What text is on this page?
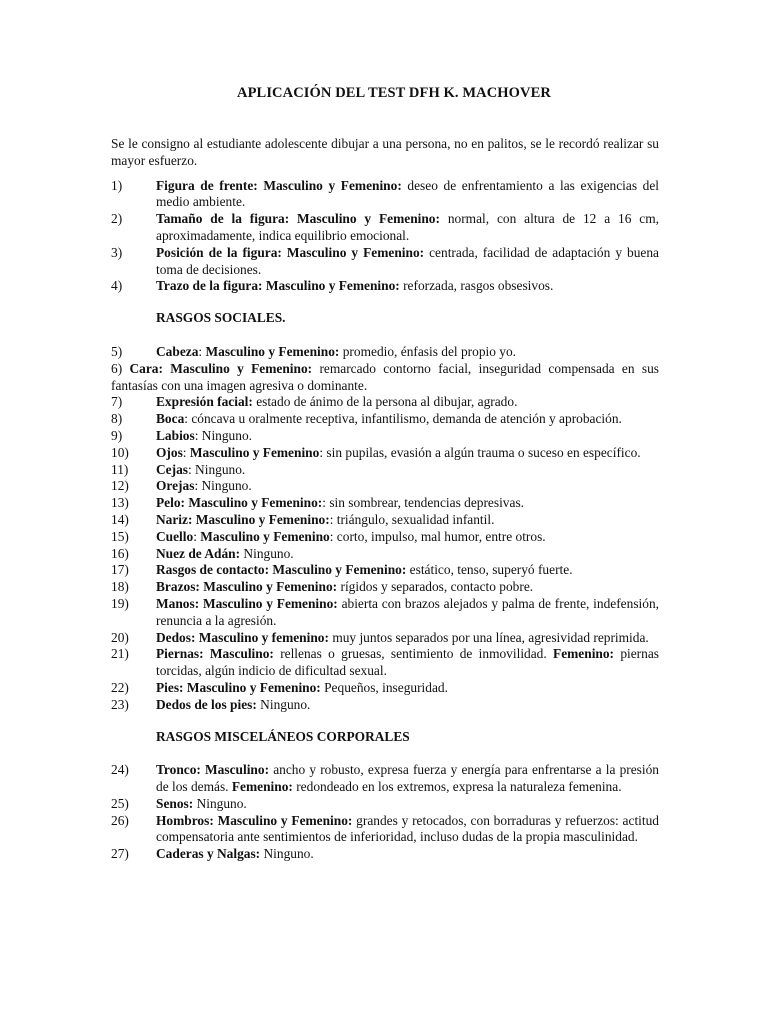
APLICACIÓN DEL TEST DFH K. MACHOVER

Se le consigno al estudiante adolescente dibujar a una persona, no en palitos, se le recordó realizar su mayor esfuerzo.

1)	Figura de frente: Masculino y Femenino: deseo de enfrentamiento a las exigencias del medio ambiente.
2)	Tamaño de la figura: Masculino y Femenino: normal, con altura de 12 a 16 cm, aproximadamente, indica equilibrio emocional.
3)	Posición de la figura: Masculino y Femenino: centrada, facilidad de adaptación y buena toma de decisiones.
4)	Trazo de la figura: Masculino y Femenino: reforzada, rasgos obsesivos.
RASGOS SOCIALES.
5)	Cabeza: Masculino y Femenino: promedio, énfasis del propio yo.
6) Cara: Masculino y Femenino: remarcado contorno facial, inseguridad compensada en sus fantasías con una imagen agresiva o dominante.
7)	Expresión facial: estado de ánimo de la persona al dibujar, agrado.
8)	Boca: cóncava u oralmente receptiva, infantilismo, demanda de atención y aprobación.
9)	Labios: Ninguno.
10)	Ojos: Masculino y Femenino: sin pupilas, evasión a algún trauma o suceso en específico.
11)	Cejas: Ninguno.
12)	Orejas: Ninguno.
13)	Pelo: Masculino y Femenino:: sin sombrear, tendencias depresivas.
14)	Nariz: Masculino y Femenino:: triángulo, sexualidad infantil.
15)	Cuello: Masculino y Femenino: corto, impulso, mal humor, entre otros.
16)	Nuez de Adán: Ninguno.
17)	Rasgos de contacto: Masculino y Femenino: estático, tenso, superyó fuerte.
18)	Brazos: Masculino y Femenino: rígidos y separados, contacto pobre.
19)	Manos: Masculino y Femenino: abierta con brazos alejados y palma de frente, indefensión, renuncia a la agresión.
20)	Dedos: Masculino y femenino: muy juntos separados por una línea, agresividad reprimida.
21)	Piernas: Masculino: rellenas o gruesas, sentimiento de inmovilidad. Femenino: piernas torcidas, algún indicio de dificultad sexual.
22)	Pies: Masculino y Femenino: Pequeños, inseguridad.
23)	Dedos de los pies: Ninguno.
RASGOS MISCELÁNEOS CORPORALES
24)	Tronco: Masculino: ancho y robusto, expresa fuerza y energía para enfrentarse a la presión de los demás. Femenino: redondeado en los extremos, expresa la naturaleza femenina.
25)	Senos: Ninguno.
26)	Hombros: Masculino y Femenino: grandes y retocados, con borraduras y refuerzos: actitud compensatoria ante sentimientos de inferioridad, incluso dudas de la propia masculinidad.
27)	Caderas y Nalgas: Ninguno.
